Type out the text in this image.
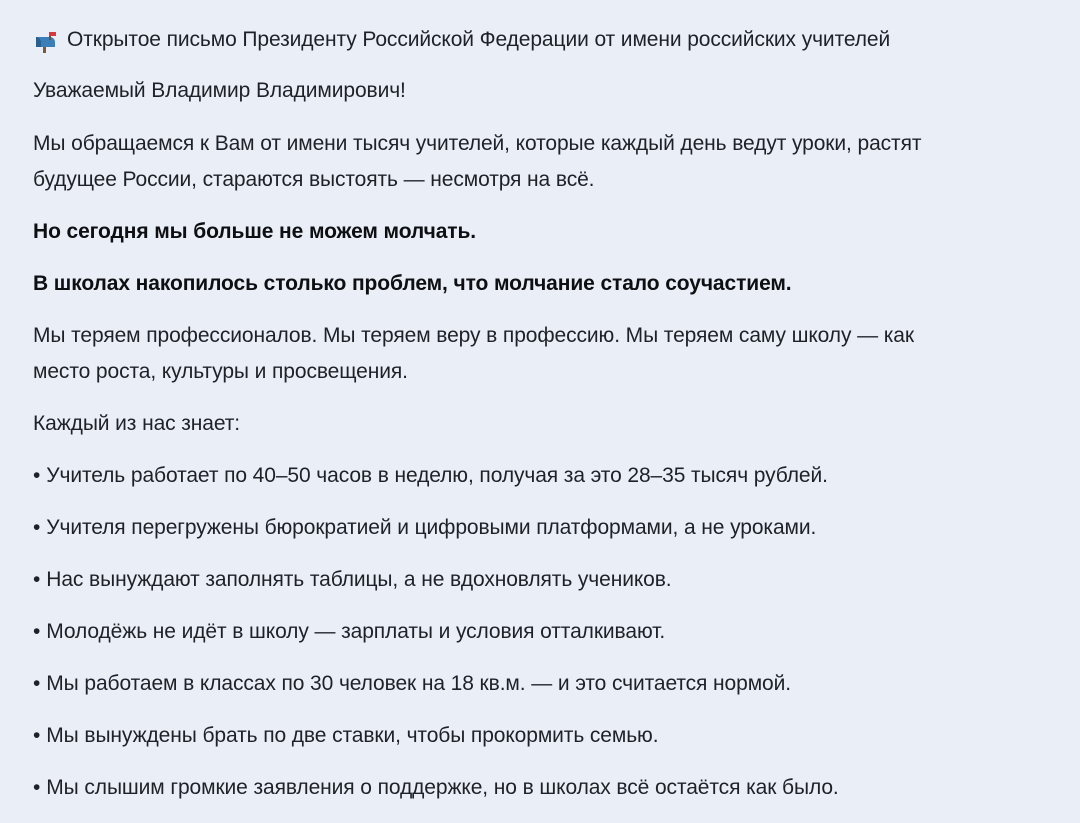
Открытое письмо Президенту Российской Федерации от имени российских учителей
Уважаемый Владимир Владимирович!
Мы обращаемся к Вам от имени тысяч учителей, которые каждый день ведут уроки, растят
будущее России, стараются выстоять — несмотря на всё.
Но сегодня мы больше не можем молчать.
В школах накопилось столько проблем, что молчание стало соучастием.
Мы теряем профессионалов. Мы теряем веру в профессию. Мы теряем саму школу — как
место роста, культуры и просвещения.
Каждый из нас знает:
• Учитель работает по 40–50 часов в неделю, получая за это 28–35 тысяч рублей.
• Учителя перегружены бюрократией и цифровыми платформами, а не уроками.
• Нас вынуждают заполнять таблицы, а не вдохновлять учеников.
• Молодёжь не идёт в школу — зарплаты и условия отталкивают.
• Мы работаем в классах по 30 человек на 18 кв.м. — и это считается нормой.
• Мы вынуждены брать по две ставки, чтобы прокормить семью.
• Мы слышим громкие заявления о поддержке, но в школах всё остаётся как было.
